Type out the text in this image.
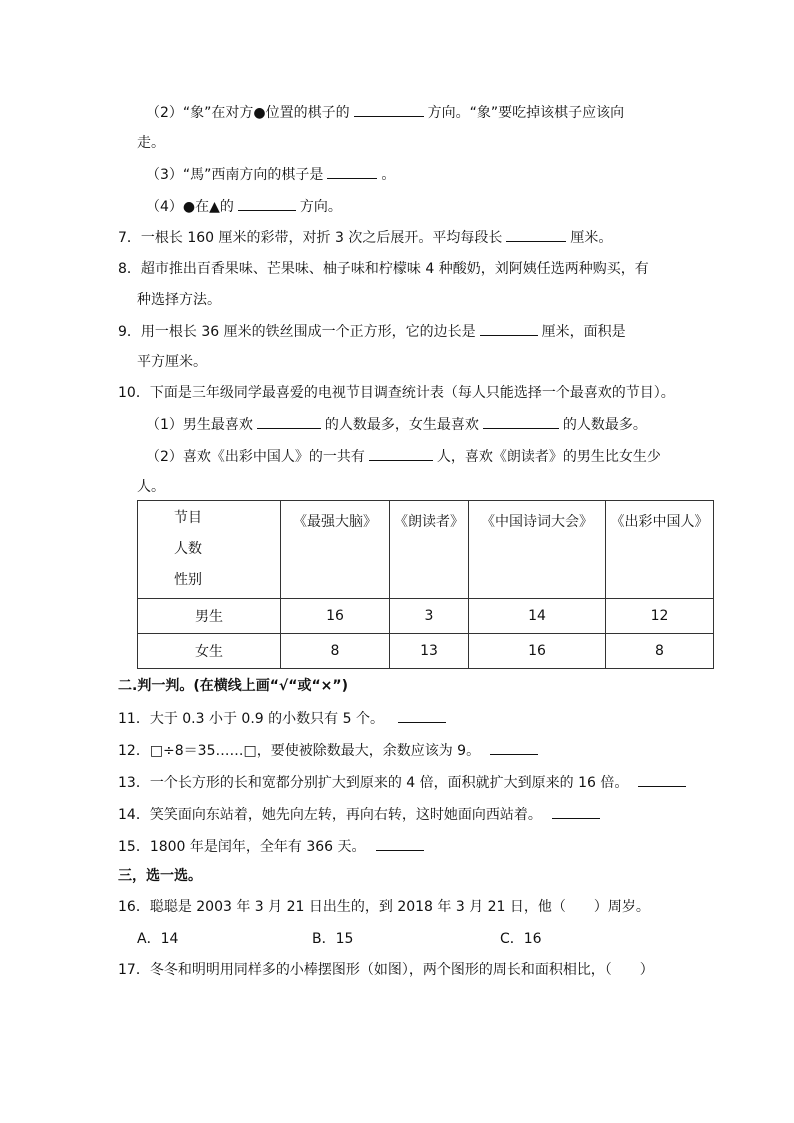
（2）“象”在对方●位置的棋子的	方向。“象”要吃掉该棋子应该向
走。
（3）“馬”西南方向的棋子是	。
（4）●在▲的	方向。
7．一根长 160 厘米的彩带，对折 3 次之后展开。平均每段长	厘米。
8．超市推出百香果味、芒果味、柚子味和柠檬味 4 种酸奶，刘阿姨任选两种购买，有
种选择方法。
9．用一根长 36 厘米的铁丝围成一个正方形，它的边长是	厘米，面积是
平方厘米。
10．下面是三年级同学最喜爱的电视节目调查统计表（每人只能选择一个最喜欢的节目）。
（1）男生最喜欢	的人数最多，女生最喜欢	的人数最多。
（2）喜欢《出彩中国人》的一共有	人，喜欢《朗读者》的男生比女生少
人。
节目
人数
性别	《最强大脑》	《朗读者》	《中国诗词大会》	《出彩中国人》
男生	16	3	14	12
女生	8	13	16	8
二.判一判。(在横线上画“√“或“×”)
11．大于 0.3 小于 0.9 的小数只有 5 个。
12．□÷8＝35……□，要使被除数最大，余数应该为 9。
13．一个长方形的长和宽都分别扩大到原来的 4 倍，面积就扩大到原来的 16 倍。
14．笑笑面向东站着，她先向左转，再向右转，这时她面向西站着。
15．1800 年是闰年，全年有 366 天。
三，选一选。
16．聪聪是 2003 年 3 月 21 日出生的，到 2018 年 3 月 21 日，他（　　）周岁。
A．14	B．15	C．16
17．冬冬和明明用同样多的小棒摆图形（如图），两个图形的周长和面积相比，（　　）
